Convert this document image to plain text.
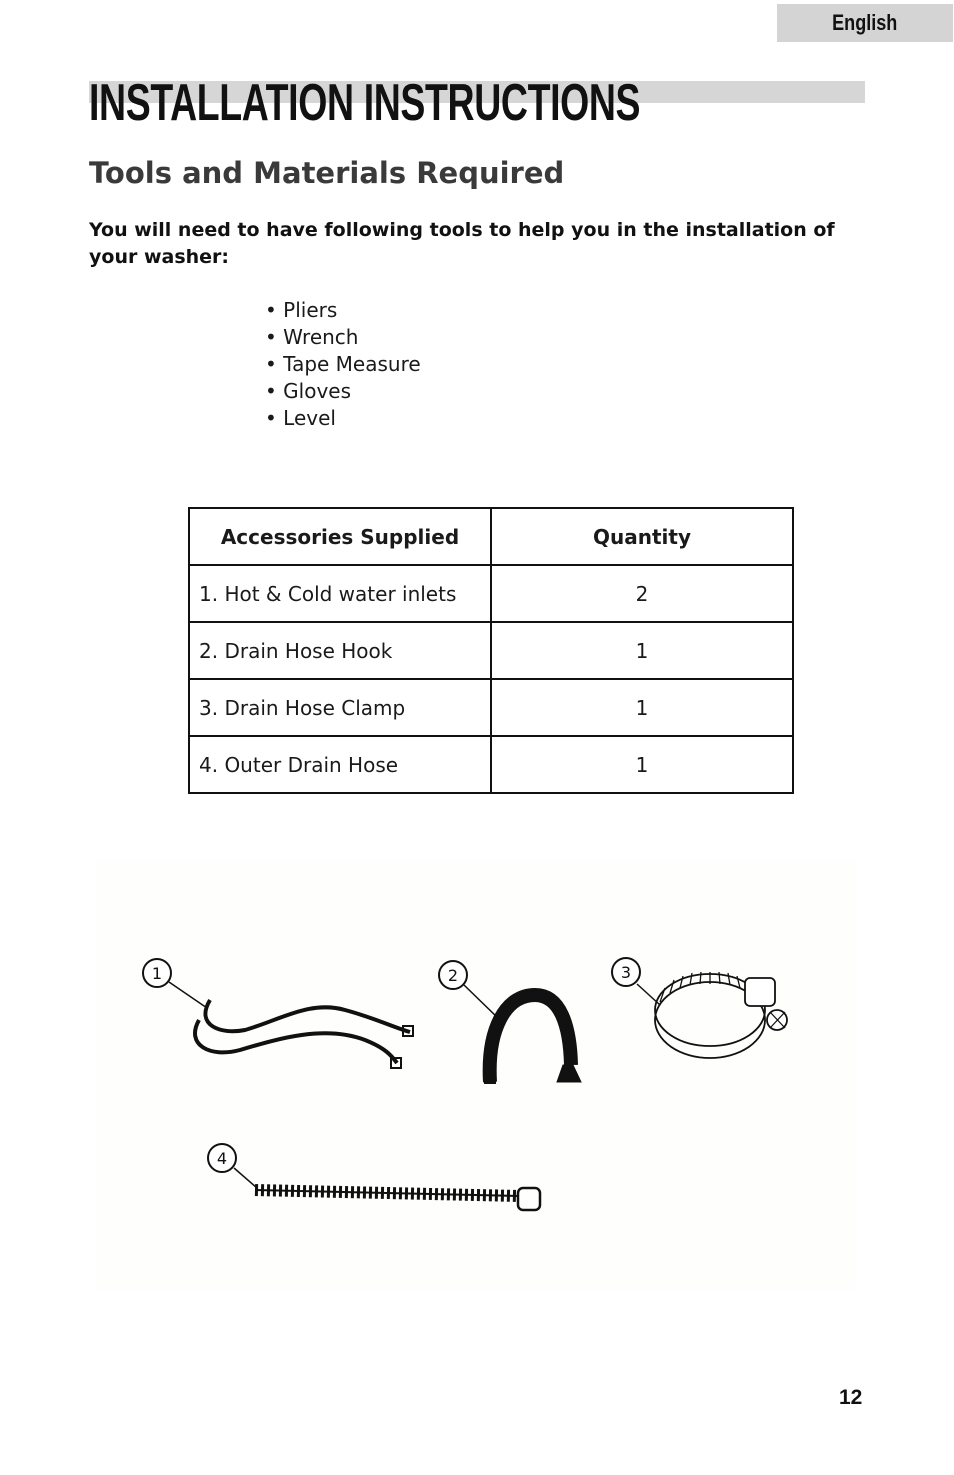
English
INSTALLATION INSTRUCTIONS
Tools and Materials Required

You will need to have following tools to help you in the installation of your washer:

• Pliers
• Wrench
• Tape Measure
• Gloves
• Level
Accessories Supplied	Quantity
1. Hot & Cold water inlets	2
2. Drain Hose Hook	1
3. Drain Hose Clamp	1
4. Outer Drain Hose	1
1	2	3
4
12
